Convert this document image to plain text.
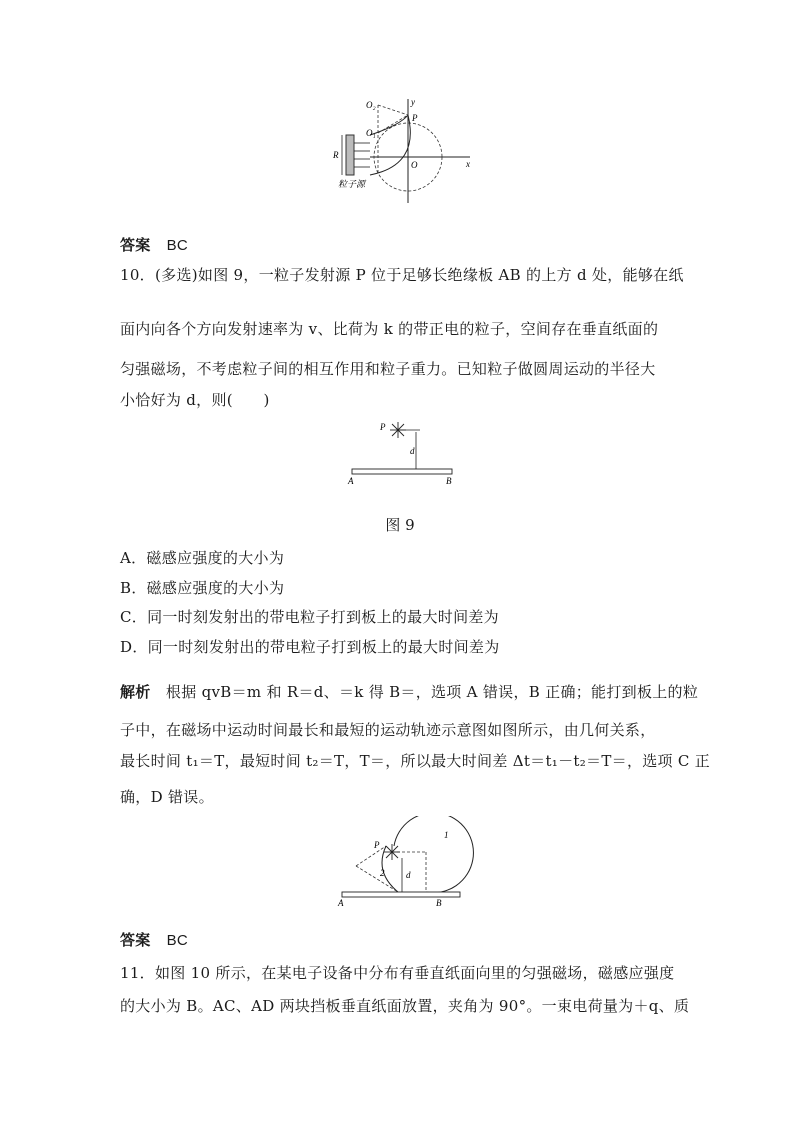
O₂	y
O₁
P
R
O	x
粒子源
答案 BC
10．(多选)如图 9，一粒子发射源 P 位于足够长绝缘板 AB 的上方 d 处，能够在纸
面内向各个方向发射速率为 v、比荷为 k 的带正电的粒子，空间存在垂直纸面的
匀强磁场，不考虑粒子间的相互作用和粒子重力。已知粒子做圆周运动的半径大
小恰好为 d，则(　　)
P
d
A	B
图 9
A．磁感应强度的大小为
B．磁感应强度的大小为
C．同一时刻发射出的带电粒子打到板上的最大时间差为
D．同一时刻发射出的带电粒子打到板上的最大时间差为
解析　 根据 qvB＝m 和 R＝d、＝k 得 B＝，选项 A 错误，B 正确；能打到板上的粒
子中，在磁场中运动时间最长和最短的运动轨迹示意图如图所示，由几何关系，
最长时间 t₁＝T，最短时间 t₂＝T，T＝，所以最大时间差 Δt＝t₁－t₂＝T＝，选项 C 正
确，D 错误。
P
1
2 d
A	B
答案 BC
11．如图 10 所示，在某电子设备中分布有垂直纸面向里的匀强磁场，磁感应强度
的大小为 B。AC、AD 两块挡板垂直纸面放置，夹角为 90°。一束电荷量为＋q、质
